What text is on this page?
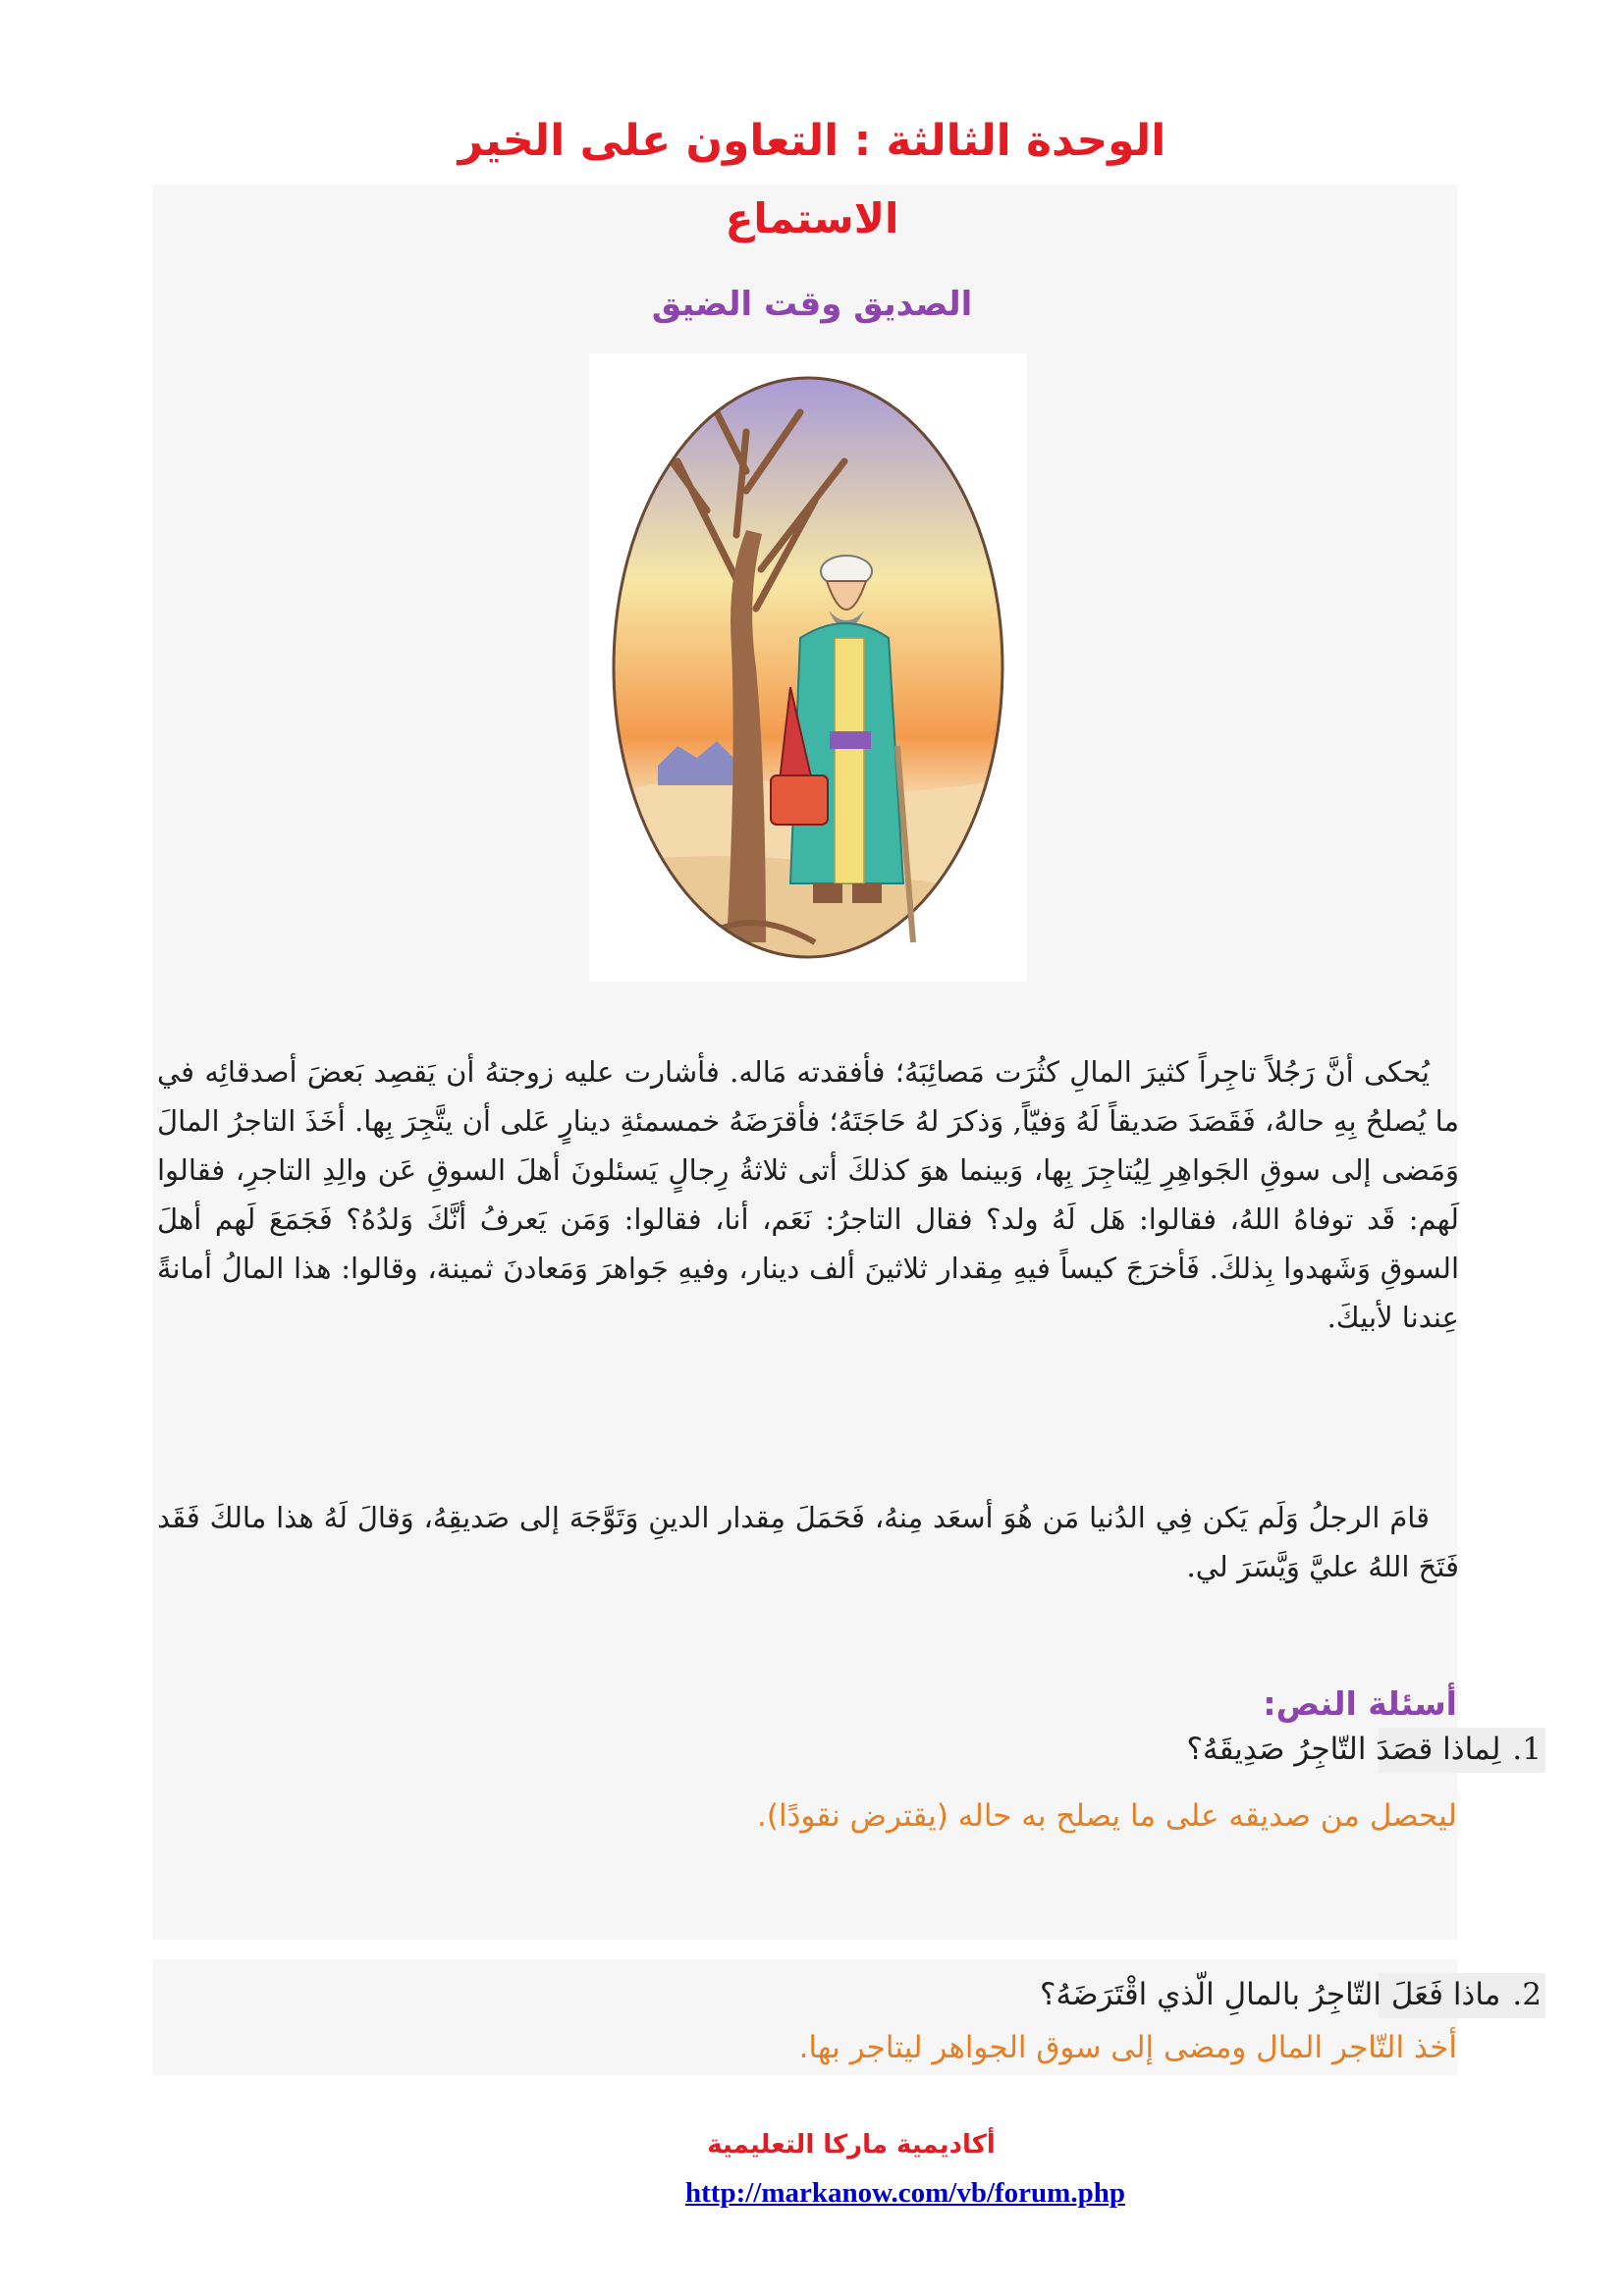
الوحدة الثالثة : التعاون على الخير
الاستماع
الصديق وقت الضيق

يُحكى أنَّ رَجُلاً تاجِراً كثيرَ المالِ كثُرَت مَصائِبَهُ؛ فأفقدته مَاله. فأشارت عليه زوجتهُ أن يَقصِد بَعضَ أصدقائِه في ما يُصلحُ بِهِ حالهُ، فَقَصَدَ صَديقاً لَهُ وَفيّاً, وَذكرَ لهُ حَاجَتَهُ؛ فأقرَضَهُ خمسمئةِ دينارٍ عَلى أن يتَّجِرَ بِها. أخَذَ التاجرُ المالَ وَمَضى إلى سوقِ الجَواهِرِ لِيُتاجِرَ بِها، وَبينما هوَ كذلكَ أتى ثلاثةُ رِجالٍ يَسئلونَ أهلَ السوقِ عَن والِدِ التاجرِ، فقالوا لَهم: قَد توفاهُ اللهُ، فقالوا: هَل لَهُ ولد؟ فقال التاجرُ: نَعَم، أنا، فقالوا: وَمَن يَعرفُ أنَّكَ وَلدُهُ؟ فَجَمَعَ لَهم أهلَ السوقِ وَشَهدوا بِذلكَ. فَأخرَجَ كيساً فيهِ مِقدار ثلاثينَ ألف دينار، وفيهِ جَواهرَ وَمَعادنَ ثمينة، وقالوا: هذا المالُ أمانةً عِندنا لأبيكَ.

قامَ الرجلُ وَلَم يَكن فِي الدُنيا مَن هُوَ أسعَد مِنهُ، فَحَمَلَ مِقدار الدينِ وَتَوَّجَهَ إلى صَديقِهُ، وَقالَ لَهُ هذا مالكَ فَقَد فَتَحَ اللهُ عليَّ وَيَّسَرَ لي.

أسئلة النص:
1.لِماذا قصَدَ التّاجِرُ صَدِيقَهُ؟
ليحصل من صديقه على ما يصلح به حاله (يقترض نقودًا).
2.ماذا فَعَلَ التّاجِرُ بالمالِ الّذي اقْتَرَضَهُ؟
أخذ التّاجر المال ومضى إلى سوق الجواهر ليتاجر بها.
أكاديمية ماركا التعليمية
http://markanow.com/vb/forum.php
